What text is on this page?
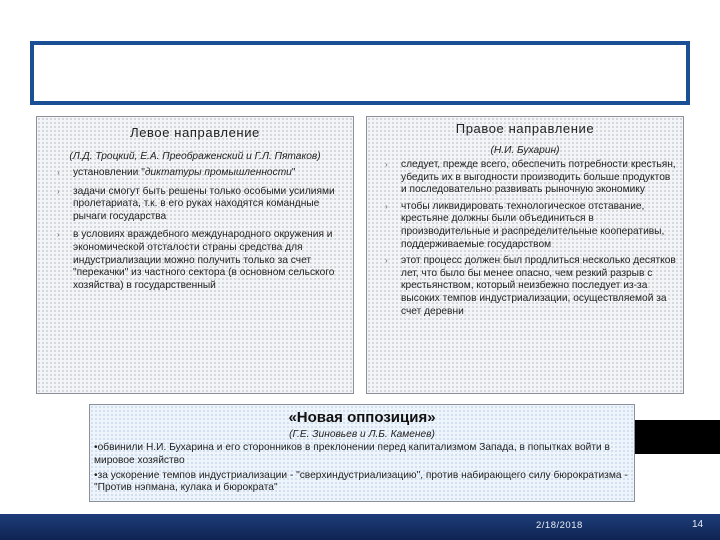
Левое направление
(Л.Д. Троцкий, Е.А. Преображенский и Г.Л. Пятаков)
› установлении "диктатуры промышленности"
› задачи смогут быть решены только особыми усилиями пролетариата, т.к. в его руках находятся командные рычаги государства
› в условиях враждебного международного окружения и экономической отсталости страны средства для индустриализации можно получить только за счет "перекачки" из частного сектора (в основном сельского хозяйства) в государственный
Правое направление
(Н.И. Бухарин)
› следует, прежде всего, обеспечить потребности крестьян, убедить их в выгодности производить больше продуктов и последовательно развивать рыночную экономику
› чтобы ликвидировать технологическое отставание, крестьяне должны были объединиться в производительные и распределительные кооперативы, поддерживаемые государством
› этот процесс должен был продлиться несколько десятков лет, что было бы менее опасно, чем резкий разрыв с крестьянством, который неизбежно последует из-за высоких темпов индустриализации, осуществляемой за счет деревни
«Новая оппозиция»
(Г.Е. Зиновьев и Л.Б. Каменев)
•обвинили Н.И. Бухарина и его сторонников в преклонении перед капитализмом Запада, в попытках войти в мировое хозяйство
•за ускорение темпов индустриализации - "сверхиндустриализацию", против набирающего силу бюрократизма - "Против нэпмана, кулака и бюрократа"
2/18/2018	14
